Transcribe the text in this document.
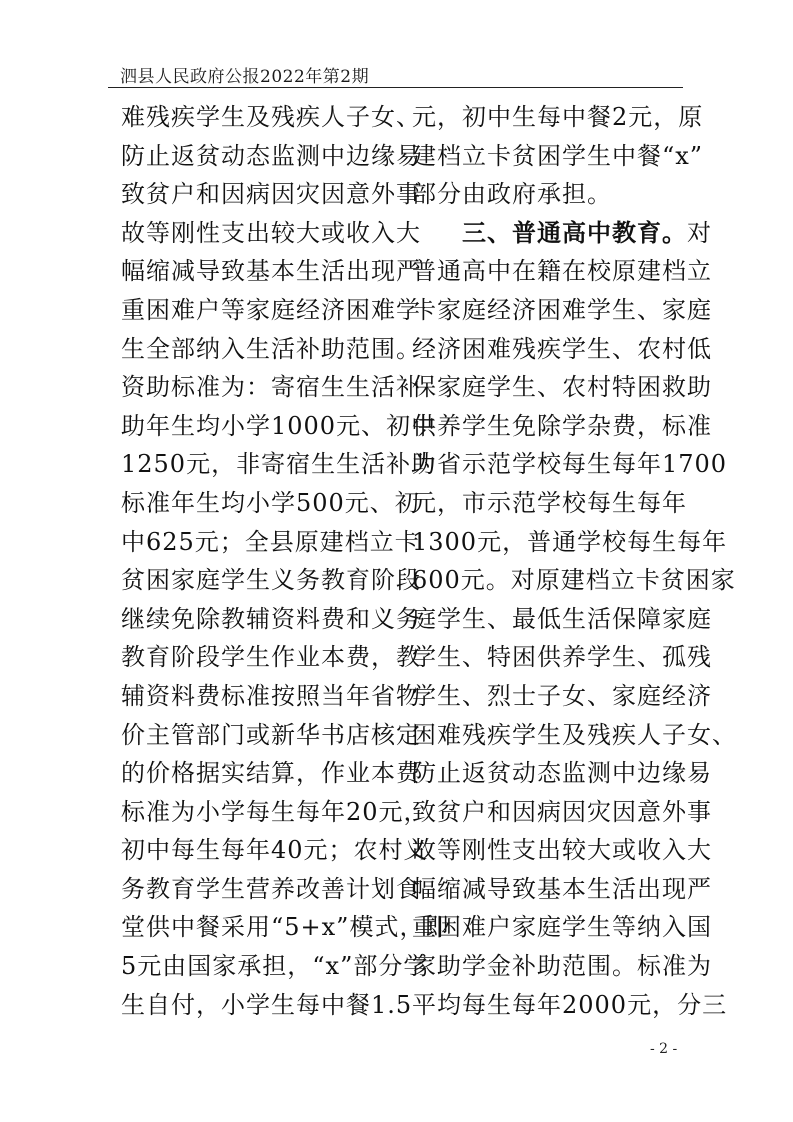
泗县人民政府公报2022年第2期
难残疾学生及残疾人子女、
防止返贫动态监测中边缘易
致贫户和因病因灾因意外事
故等刚性支出较大或收入大
幅缩减导致基本生活出现严
重困难户等家庭经济困难学
生全部纳入生活补助范围。
资助标准为：寄宿生生活补
助年生均小学1000元、初中
1250元，非寄宿生生活补助
标准年生均小学500元、初
中625元；全县原建档立卡
贫困家庭学生义务教育阶段
继续免除教辅资料费和义务
教育阶段学生作业本费，教
辅资料费标准按照当年省物
价主管部门或新华书店核定
的价格据实结算，作业本费
标准为小学每生每年20元，
初中每生每年40元；农村义
务教育学生营养改善计划食
堂供中餐采用“5+x”模式，即
5元由国家承担，“x”部分学
生自付，小学生每中餐1.5
元，初中生每中餐2元，原
建档立卡贫困学生中餐“x”
部分由政府承担。
　　三、普通高中教育。对
普通高中在籍在校原建档立
卡家庭经济困难学生、家庭
经济困难残疾学生、农村低
保家庭学生、农村特困救助
供养学生免除学杂费，标准
为省示范学校每生每年1700
元，市示范学校每生每年
1300元，普通学校每生每年
600元。对原建档立卡贫困家
庭学生、最低生活保障家庭
学生、特困供养学生、孤残
学生、烈士子女、家庭经济
困难残疾学生及残疾人子女、
防止返贫动态监测中边缘易
致贫户和因病因灾因意外事
故等刚性支出较大或收入大
幅缩减导致基本生活出现严
重困难户家庭学生等纳入国
家助学金补助范围。标准为
平均每生每年2000元，分三
- 2 -
